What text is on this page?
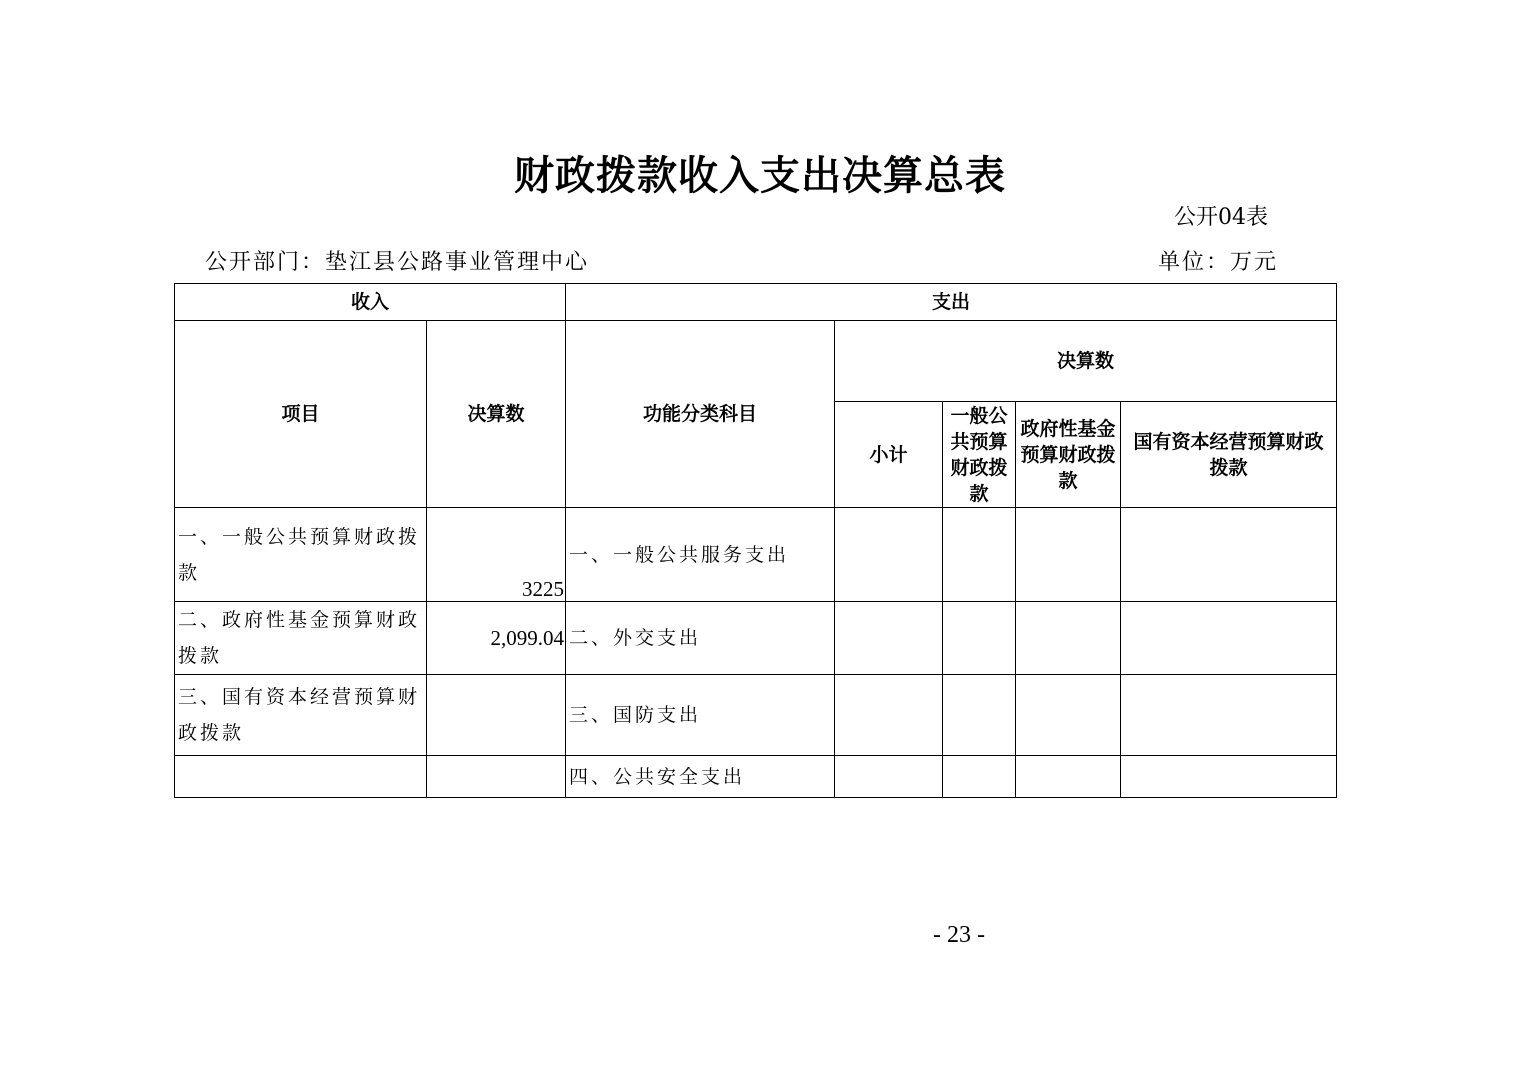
财政拨款收入支出决算总表
公开04表
公开部门：垫江县公路事业管理中心	单位：万元
收入		支出				
项目	决算数	功能分类科目	决算数			
			小计	一般公共预算财政拨款	政府性基金预算财政拨款	国有资本经营预算财政拨款
一、一般公共预算财政拨款	3225	一、一般公共服务支出				
二、政府性基金预算财政拨款	2,099.04	二、外交支出				
三、国有资本经营预算财政拨款		三、国防支出				
		四、公共安全支出				
- 23 -
